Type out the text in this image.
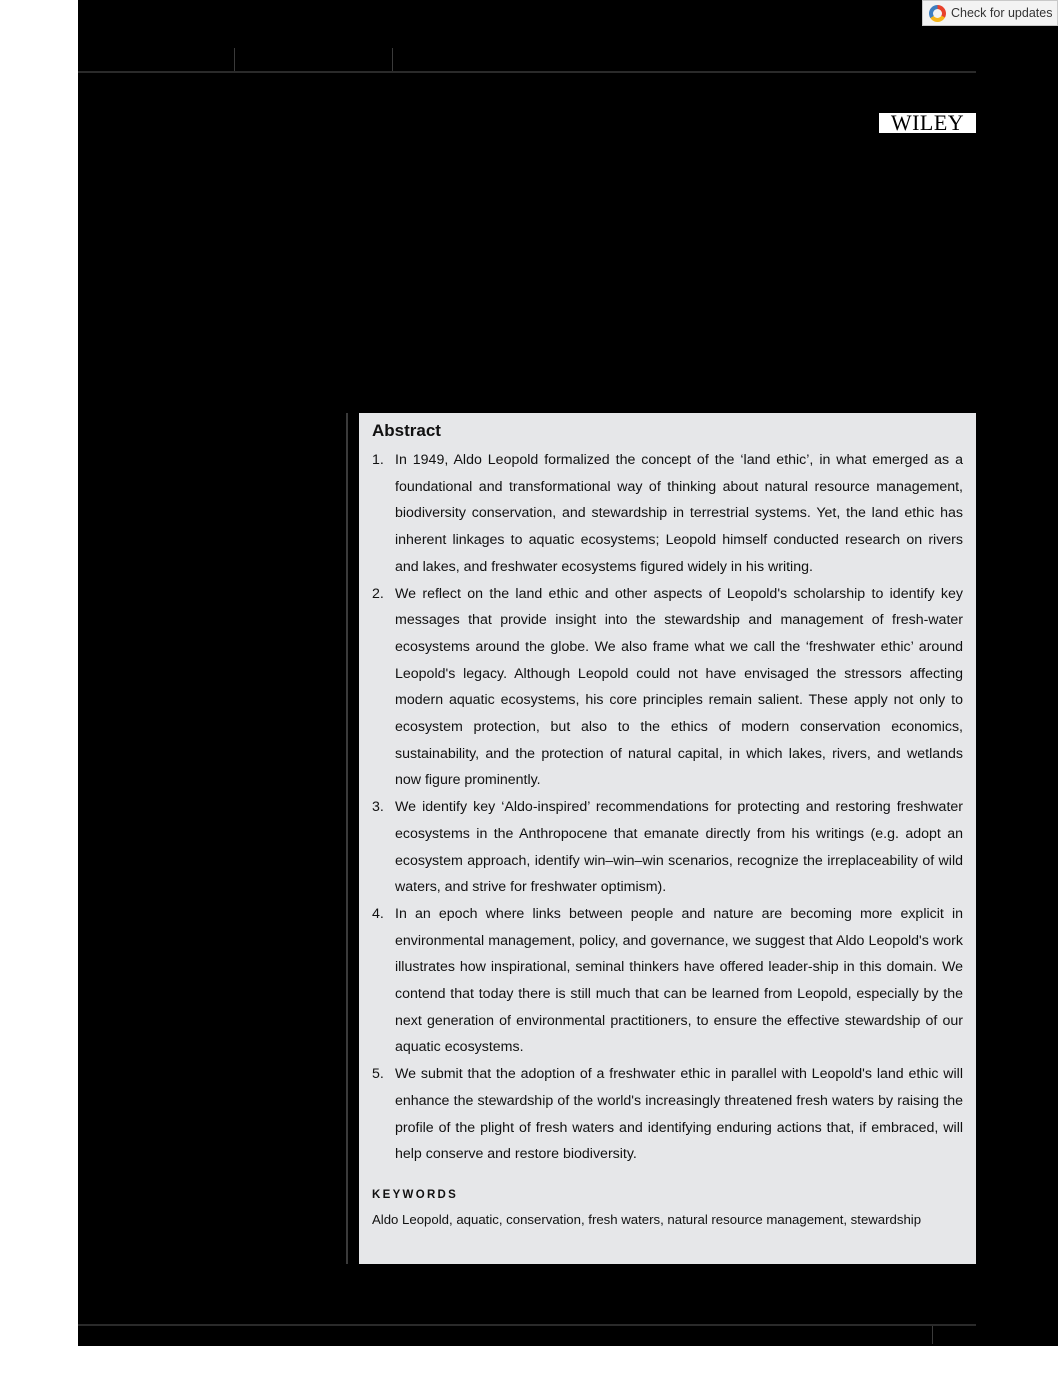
Check for updates
WILEY
Abstract
1. In 1949, Aldo Leopold formalized the concept of the ‘land ethic’, in what emerged as a foundational and transformational way of thinking about natural resource management, biodiversity conservation, and stewardship in terrestrial systems. Yet, the land ethic has inherent linkages to aquatic ecosystems; Leopold himself conducted research on rivers and lakes, and freshwater ecosystems figured widely in his writing.
2. We reflect on the land ethic and other aspects of Leopold's scholarship to identify key messages that provide insight into the stewardship and management of fresh-water ecosystems around the globe. We also frame what we call the ‘freshwater ethic’ around Leopold's legacy. Although Leopold could not have envisaged the stressors affecting modern aquatic ecosystems, his core principles remain salient. These apply not only to ecosystem protection, but also to the ethics of modern conservation economics, sustainability, and the protection of natural capital, in which lakes, rivers, and wetlands now figure prominently.
3. We identify key ‘Aldo-inspired’ recommendations for protecting and restoring freshwater ecosystems in the Anthropocene that emanate directly from his writings (e.g. adopt an ecosystem approach, identify win–win–win scenarios, recognize the irreplaceability of wild waters, and strive for freshwater optimism).
4. In an epoch where links between people and nature are becoming more explicit in environmental management, policy, and governance, we suggest that Aldo Leopold's work illustrates how inspirational, seminal thinkers have offered leader-ship in this domain. We contend that today there is still much that can be learned from Leopold, especially by the next generation of environmental practitioners, to ensure the effective stewardship of our aquatic ecosystems.
5. We submit that the adoption of a freshwater ethic in parallel with Leopold's land ethic will enhance the stewardship of the world's increasingly threatened fresh waters by raising the profile of the plight of fresh waters and identifying enduring actions that, if embraced, will help conserve and restore biodiversity.
KEYWORDS
Aldo Leopold, aquatic, conservation, fresh waters, natural resource management, stewardship
